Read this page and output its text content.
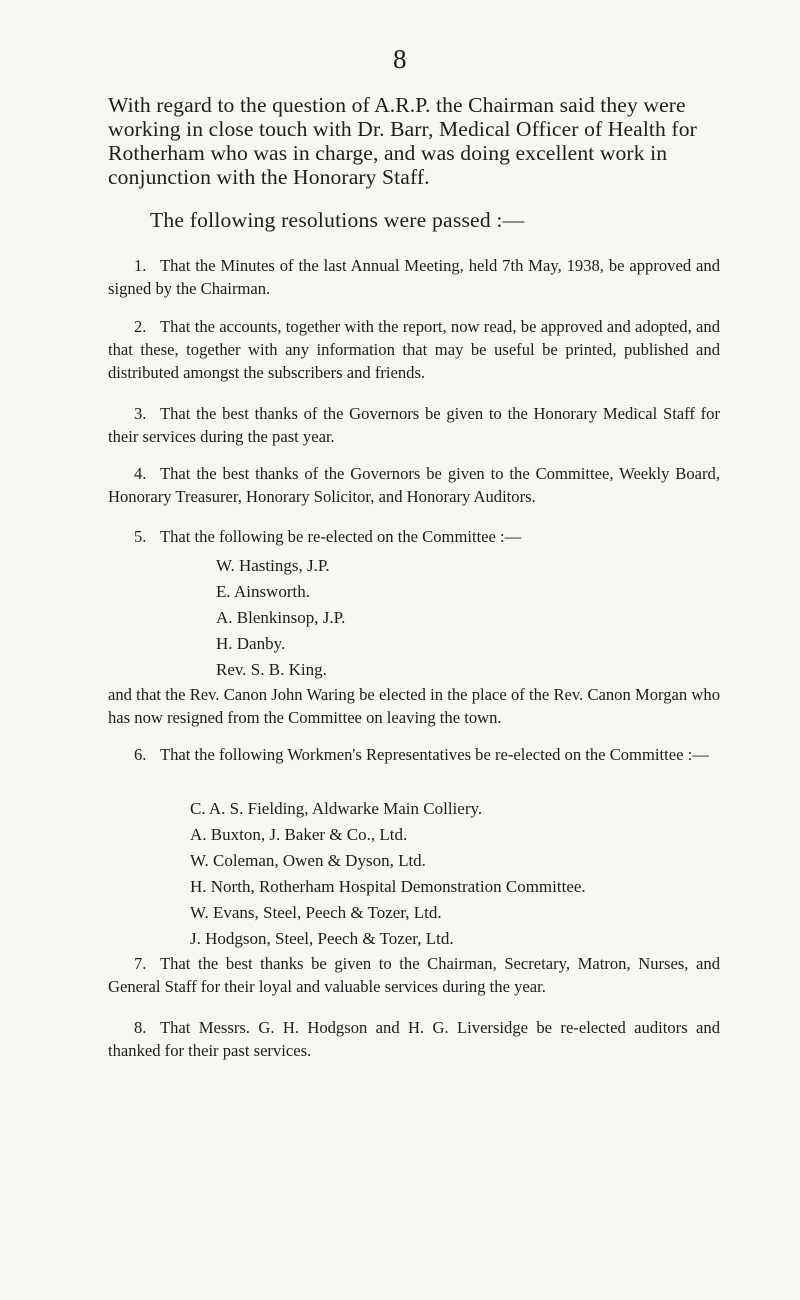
8

With regard to the question of A.R.P. the Chairman said they were working in close touch with Dr. Barr, Medical Officer of Health for Rotherham who was in charge, and was doing excellent work in conjunction with the Honorary Staff.

The following resolutions were passed :—

1. That the Minutes of the last Annual Meeting, held 7th May, 1938, be approved and signed by the Chairman.

2. That the accounts, together with the report, now read, be approved and adopted, and that these, together with any information that may be useful be printed, published and distributed amongst the subscribers and friends.

3. That the best thanks of the Governors be given to the Honorary Medical Staff for their services during the past year.

4. That the best thanks of the Governors be given to the Committee, Weekly Board, Honorary Treasurer, Honorary Solicitor, and Honorary Auditors.

5. That the following be re-elected on the Committee :—

W. Hastings, J.P.
E. Ainsworth.
A. Blenkinsop, J.P.
H. Danby.
Rev. S. B. King.

and that the Rev. Canon John Waring be elected in the place of the Rev. Canon Morgan who has now resigned from the Committee on leaving the town.

6. That the following Workmen's Representatives be re-elected on the Committee :—

C. A. S. Fielding, Aldwarke Main Colliery.
A. Buxton, J. Baker & Co., Ltd.
W. Coleman, Owen & Dyson, Ltd.
H. North, Rotherham Hospital Demonstration Committee.
W. Evans, Steel, Peech & Tozer, Ltd.
J. Hodgson, Steel, Peech & Tozer, Ltd.

7. That the best thanks be given to the Chairman, Secretary, Matron, Nurses, and General Staff for their loyal and valuable services during the year.

8. That Messrs. G. H. Hodgson and H. G. Liversidge be re-elected auditors and thanked for their past services.
